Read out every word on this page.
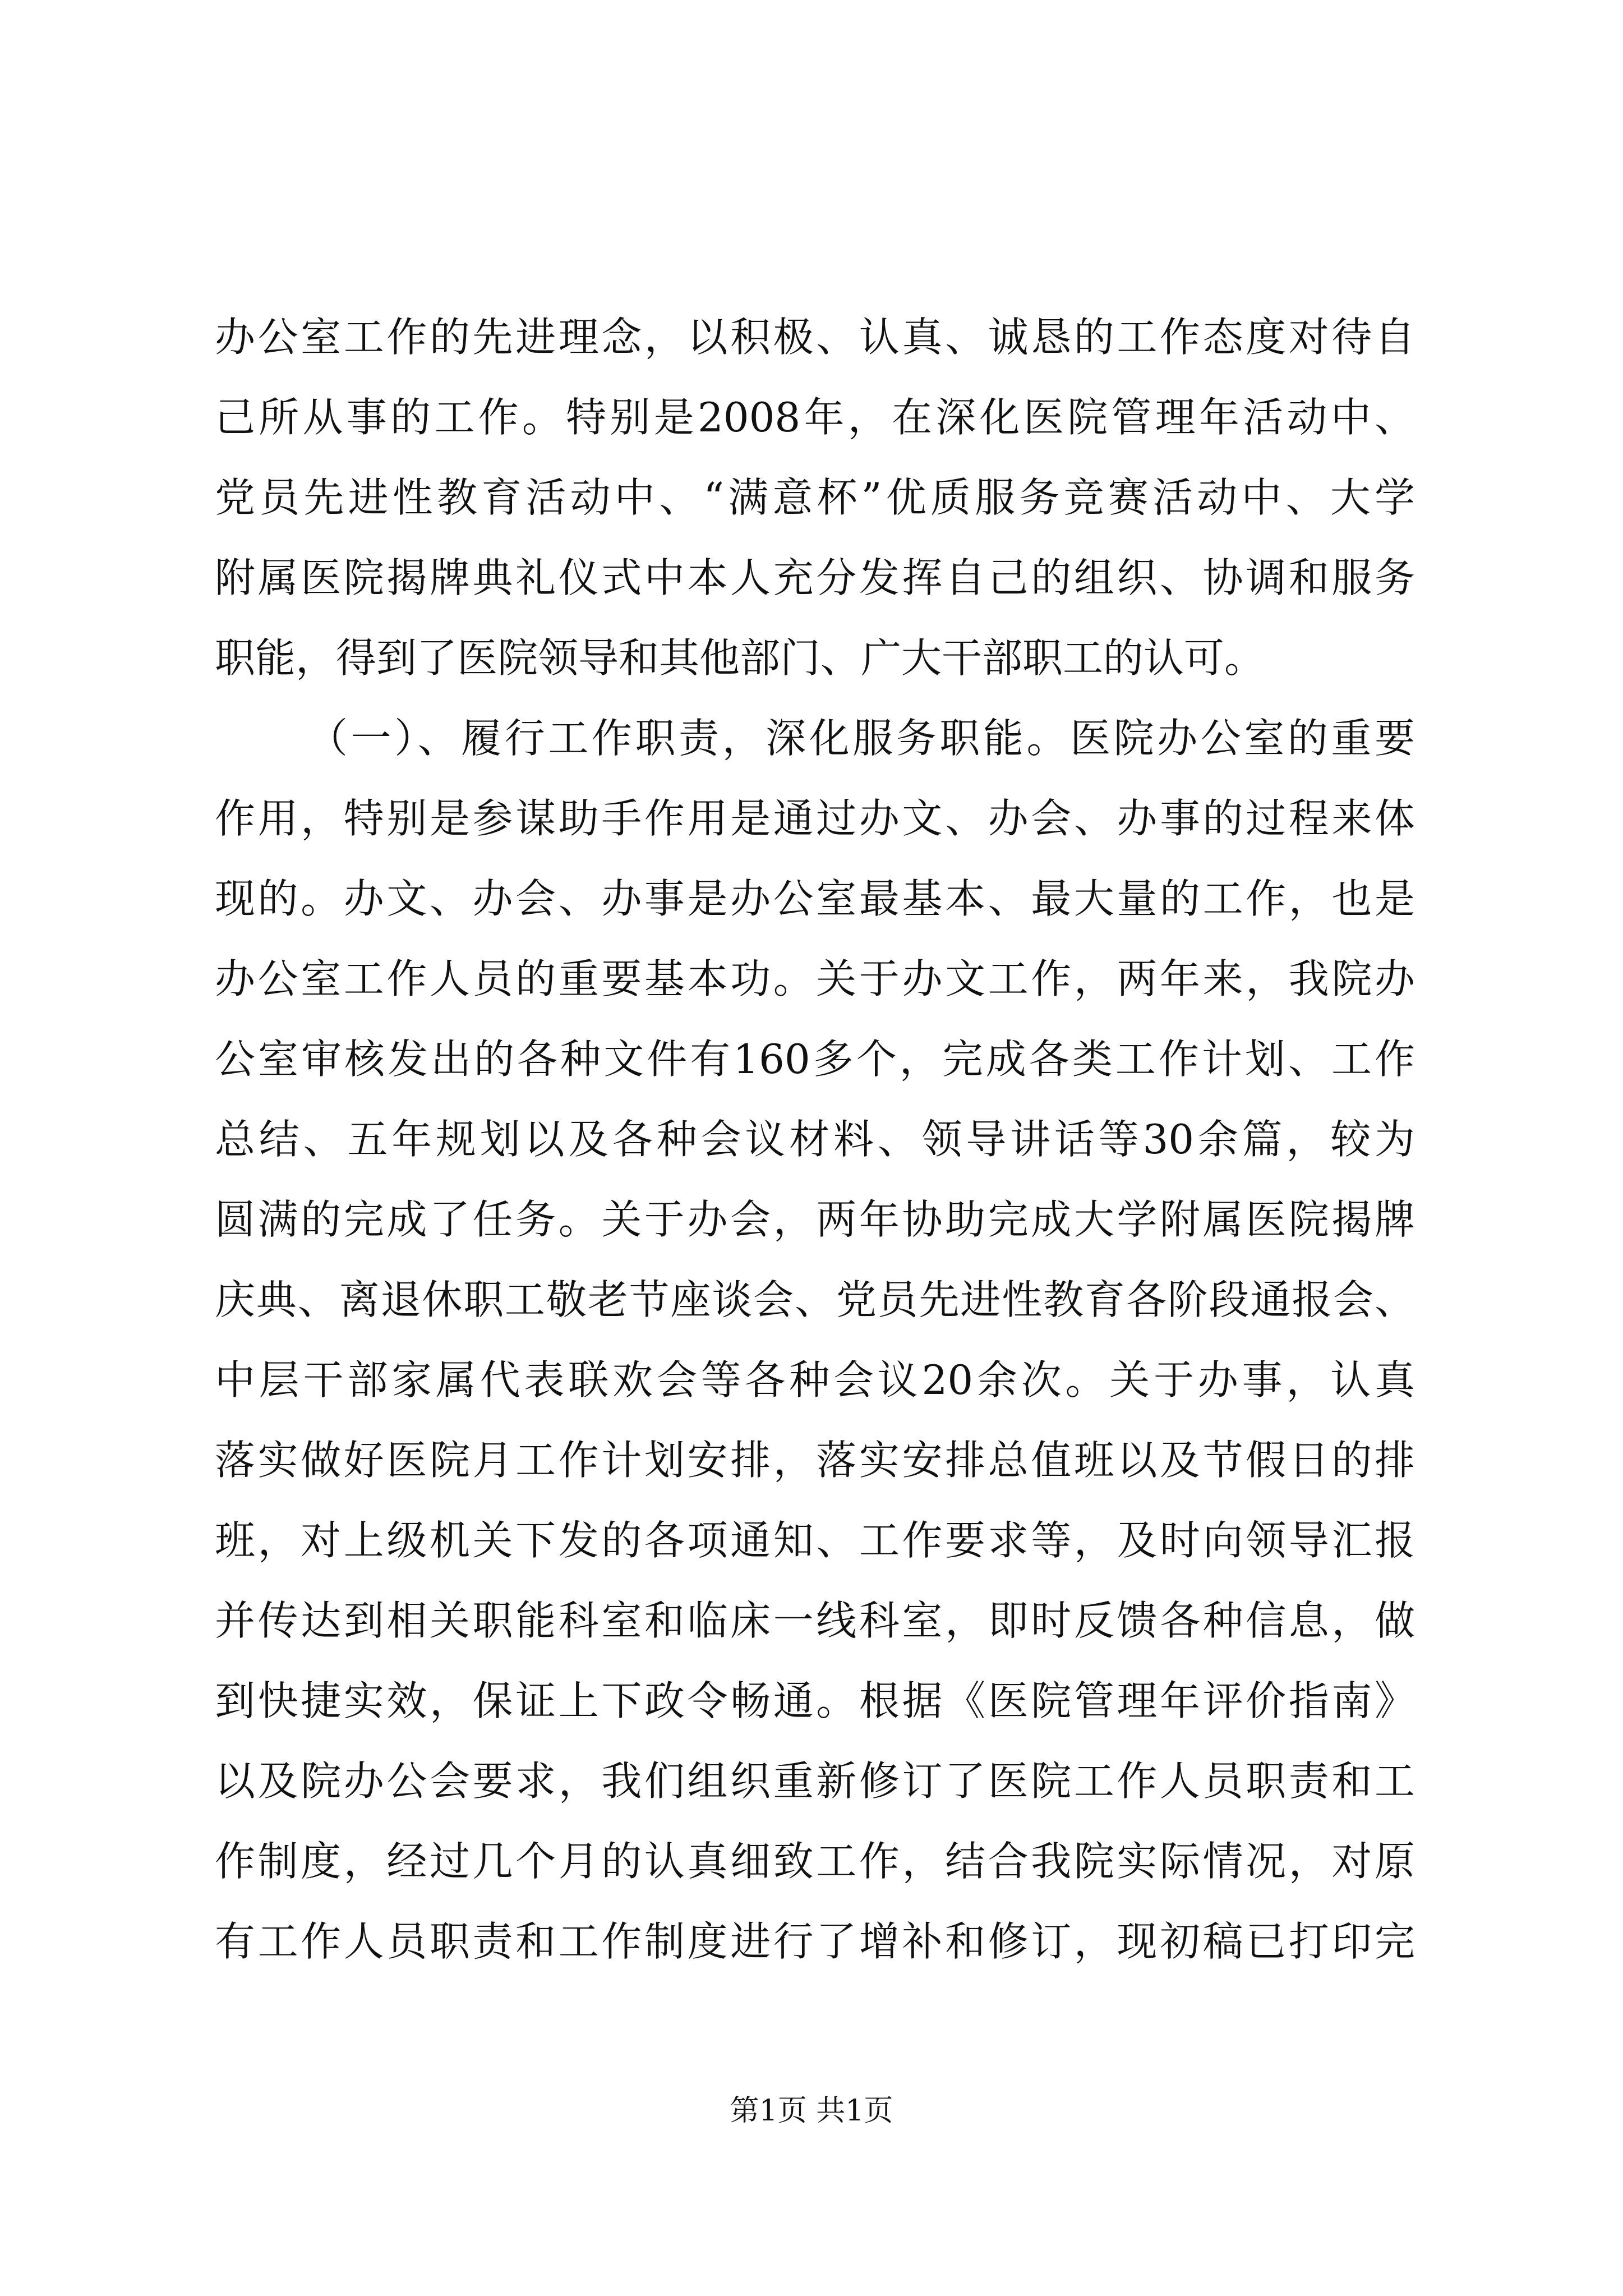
办公室工作的先进理念，以积极、认真、诚恳的工作态度对待自
己所从事的工作。特别是2008年，在深化医院管理年活动中、
党员先进性教育活动中、“满意杯”优质服务竞赛活动中、大学
附属医院揭牌典礼仪式中本人充分发挥自己的组织、协调和服务
职能，得到了医院领导和其他部门、广大干部职工的认可。
（一）、履行工作职责，深化服务职能。医院办公室的重要
作用，特别是参谋助手作用是通过办文、办会、办事的过程来体
现的。办文、办会、办事是办公室最基本、最大量的工作，也是
办公室工作人员的重要基本功。关于办文工作，两年来，我院办
公室审核发出的各种文件有160多个，完成各类工作计划、工作
总结、五年规划以及各种会议材料、领导讲话等30余篇，较为
圆满的完成了任务。关于办会，两年协助完成大学附属医院揭牌
庆典、离退休职工敬老节座谈会、党员先进性教育各阶段通报会、
中层干部家属代表联欢会等各种会议20余次。关于办事，认真
落实做好医院月工作计划安排，落实安排总值班以及节假日的排
班，对上级机关下发的各项通知、工作要求等，及时向领导汇报
并传达到相关职能科室和临床一线科室，即时反馈各种信息，做
到快捷实效，保证上下政令畅通。根据《医院管理年评价指南》
以及院办公会要求，我们组织重新修订了医院工作人员职责和工
作制度，经过几个月的认真细致工作，结合我院实际情况，对原
有工作人员职责和工作制度进行了增补和修订，现初稿已打印完
第1页 共1页
